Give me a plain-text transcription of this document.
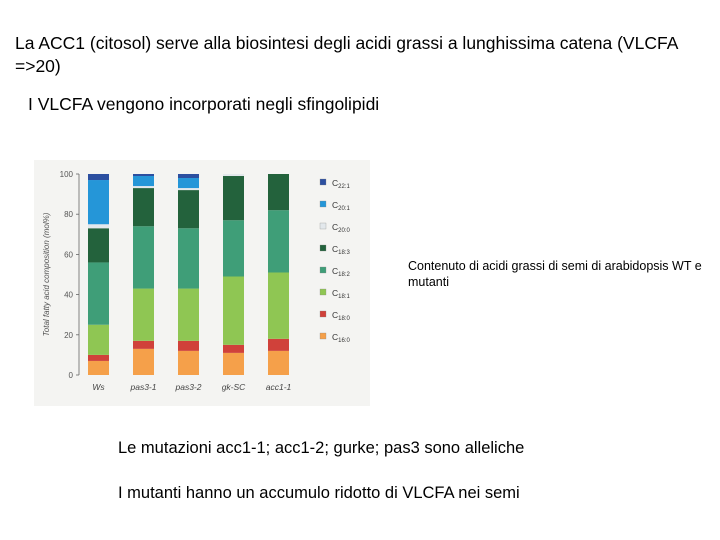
La ACC1 (citosol) serve alla biosintesi degli acidi grassi a lunghissima catena (VLCFA =>20)
I VLCFA vengono incorporati negli sfingolipidi
0
20
40
60
80
100
Total fatty acid composition (mol%)
Ws	pas3-1 pas3-2 gk-SC acc1-1
$C_{22:1}$
$C_{20:1}$
$C_{20:0}$
$C_{18:3}$
$C_{18:2}$
$C_{18:1}$
$C_{18:0}$
$C_{16:0}$
Contenuto di acidi grassi di semi di arabidopsis WT e mutanti
Le mutazioni acc1-1; acc1-2; gurke; pas3 sono alleliche
I mutanti hanno un accumulo ridotto di VLCFA nei semi
